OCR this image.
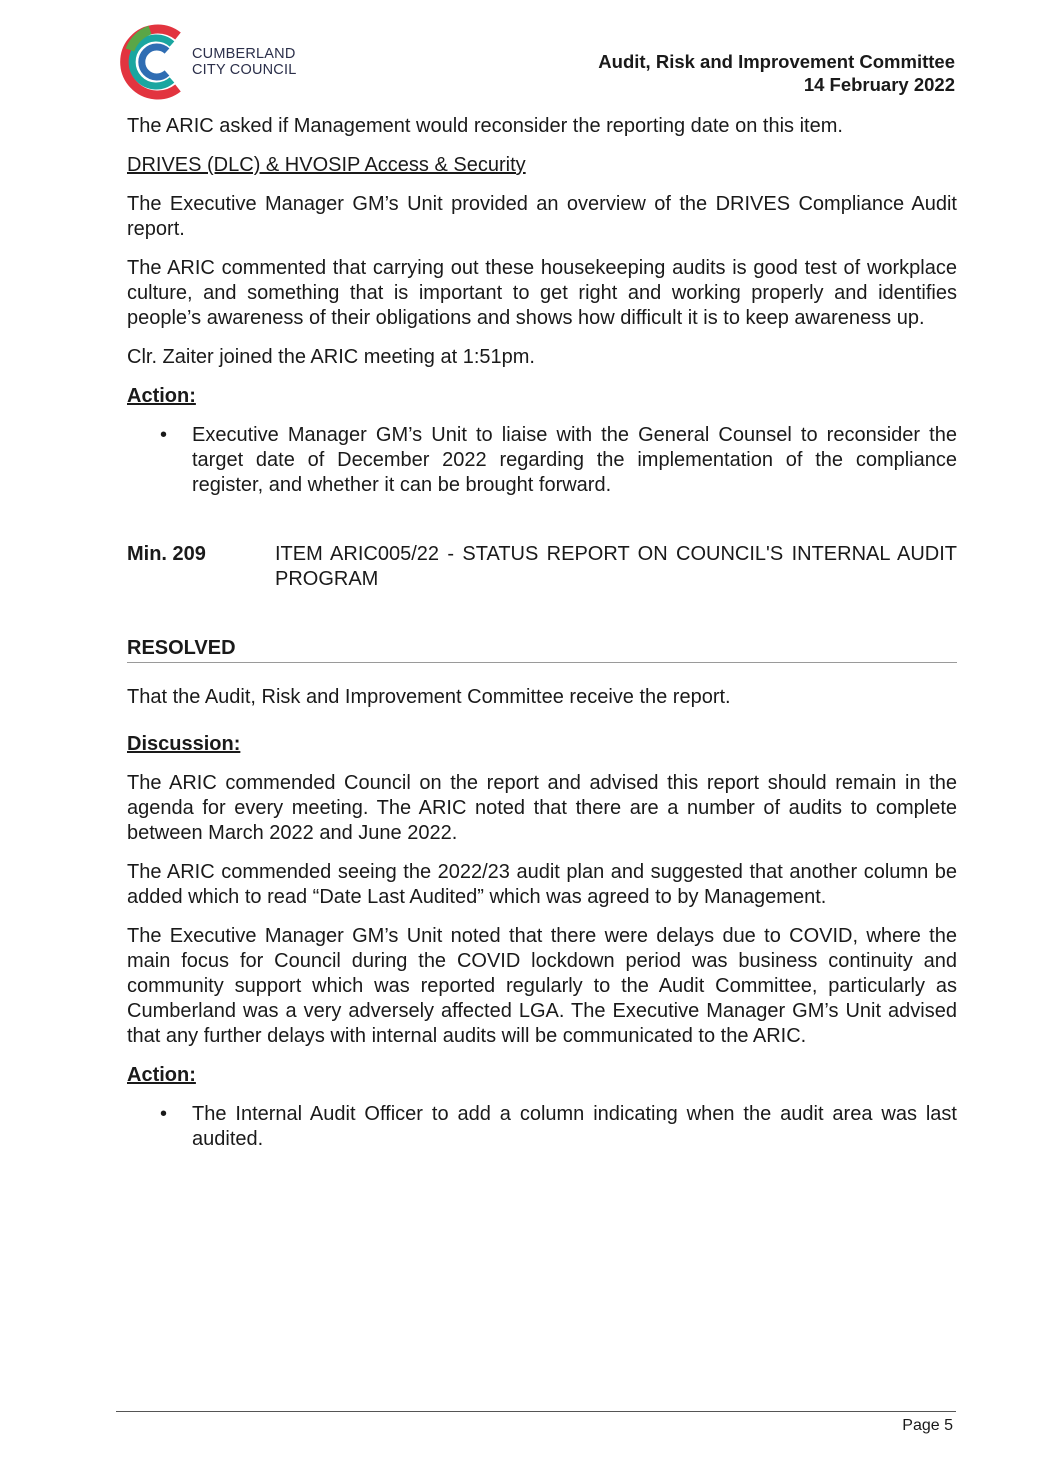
CUMBERLAND
CITY COUNCIL	Audit, Risk and Improvement Committee
14 February 2022

The ARIC asked if Management would reconsider the reporting date on this item.

DRIVES (DLC) & HVOSIP Access & Security

The Executive Manager GM’s Unit provided an overview of the DRIVES Compliance Audit report.

The ARIC commented that carrying out these housekeeping audits is good test of workplace culture, and something that is important to get right and working properly and identifies people’s awareness of their obligations and shows how difficult it is to keep awareness up.

Clr. Zaiter joined the ARIC meeting at 1:51pm.

Action:

• Executive Manager GM’s Unit to liaise with the General Counsel to reconsider the target date of December 2022 regarding the implementation of the compliance register, and whether it can be brought forward.
Min. 209	ITEM ARIC005/22 - STATUS REPORT ON COUNCIL'S INTERNAL AUDIT PROGRAM
RESOLVED

That the Audit, Risk and Improvement Committee receive the report.

Discussion:

The ARIC commended Council on the report and advised this report should remain in the agenda for every meeting. The ARIC noted that there are a number of audits to complete between March 2022 and June 2022.

The ARIC commended seeing the 2022/23 audit plan and suggested that another column be added which to read “Date Last Audited” which was agreed to by Management.

The Executive Manager GM’s Unit noted that there were delays due to COVID, where the main focus for Council during the COVID lockdown period was business continuity and community support which was reported regularly to the Audit Committee, particularly as Cumberland was a very adversely affected LGA. The Executive Manager GM’s Unit advised that any further delays with internal audits will be communicated to the ARIC.

Action:

• The Internal Audit Officer to add a column indicating when the audit area was last audited.
Page 5
